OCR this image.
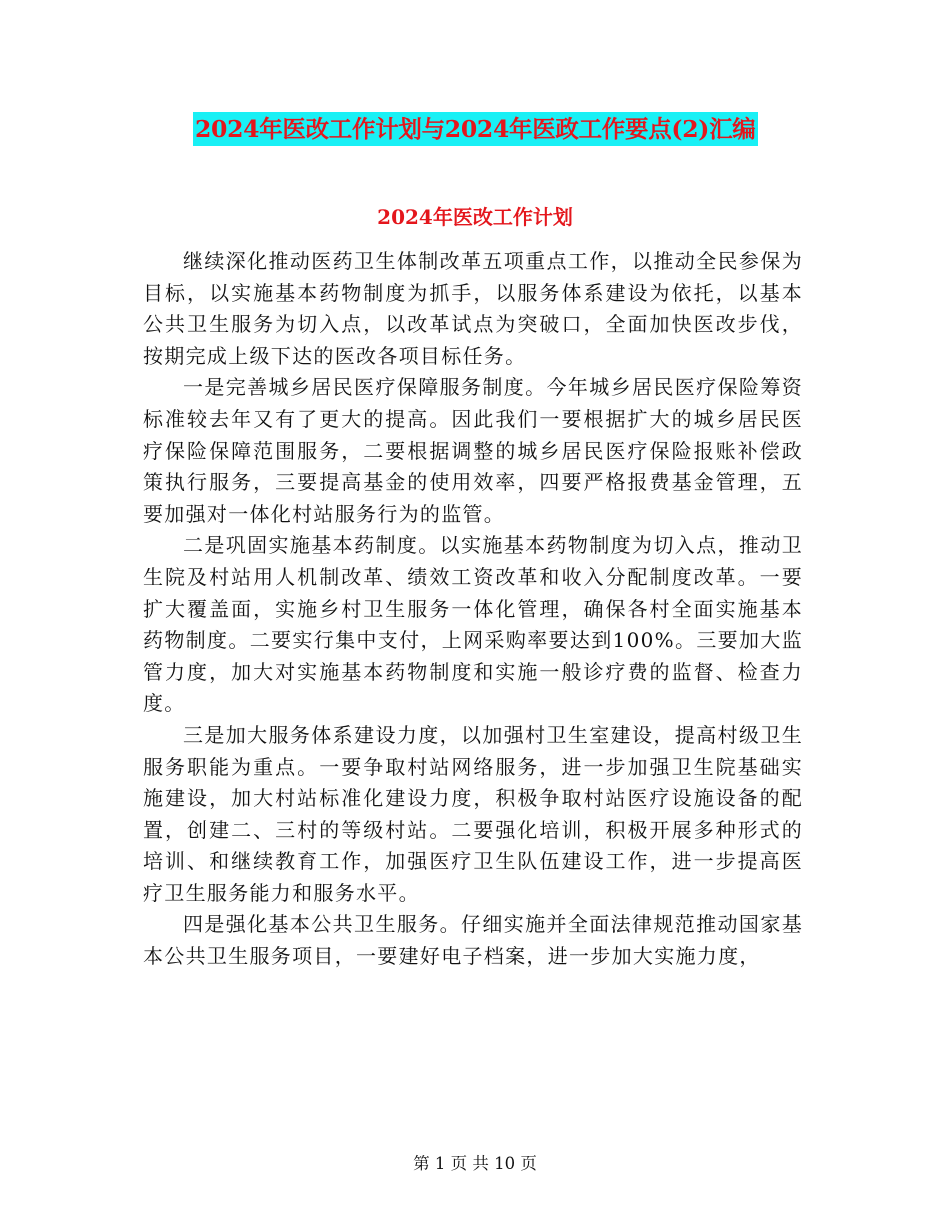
2024年医改工作计划与2024年医政工作要点(2)汇编
2024年医改工作计划

继续深化推动医药卫生体制改革五项重点工作，以推动全民参保为目标，以实施基本药物制度为抓手，以服务体系建设为依托，以基本公共卫生服务为切入点，以改革试点为突破口，全面加快医改步伐，按期完成上级下达的医改各项目标任务。

一是完善城乡居民医疗保障服务制度。今年城乡居民医疗保险筹资标准较去年又有了更大的提高。因此我们一要根据扩大的城乡居民医疗保险保障范围服务，二要根据调整的城乡居民医疗保险报账补偿政策执行服务，三要提高基金的使用效率，四要严格报费基金管理，五要加强对一体化村站服务行为的监管。

二是巩固实施基本药制度。以实施基本药物制度为切入点，推动卫生院及村站用人机制改革、绩效工资改革和收入分配制度改革。一要扩大覆盖面，实施乡村卫生服务一体化管理，确保各村全面实施基本药物制度。二要实行集中支付，上网采购率要达到100%。三要加大监管力度，加大对实施基本药物制度和实施一般诊疗费的监督、检查力度。

三是加大服务体系建设力度，以加强村卫生室建设，提高村级卫生服务职能为重点。一要争取村站网络服务，进一步加强卫生院基础实施建设，加大村站标准化建设力度，积极争取村站医疗设施设备的配置，创建二、三村的等级村站。二要强化培训，积极开展多种形式的培训、和继续教育工作，加强医疗卫生队伍建设工作，进一步提高医疗卫生服务能力和服务水平。

四是强化基本公共卫生服务。仔细实施并全面法律规范推动国家基本公共卫生服务项目，一要建好电子档案，进一步加大实施力度，

第 1 页 共 10 页
